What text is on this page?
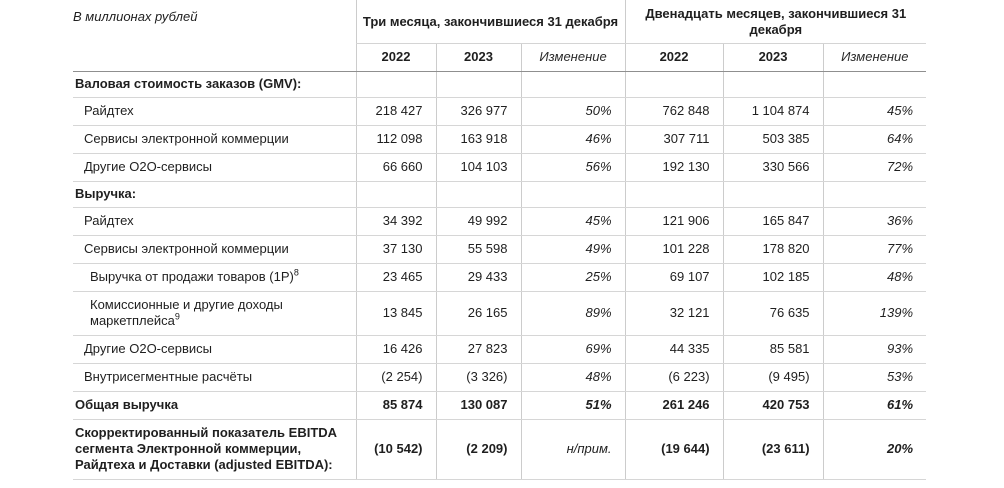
В миллионах рублей	Три месяца, закончившиеся 31 декабря			Двенадцать месяцев, закончившиеся 31 декабря		
	2022	2023	Изменение	2022	2023	Изменение
Валовая стоимость заказов (GMV):						
Райдтех	218 427	326 977	50%	762 848	1 104 874	45%
Сервисы электронной коммерции	112 098	163 918	46%	307 711	503 385	64%
Другие O2O-сервисы	66 660	104 103	56%	192 130	330 566	72%
Выручка:						
Райдтех	34 392	49 992	45%	121 906	165 847	36%
Сервисы электронной коммерции	37 130	55 598	49%	101 228	178 820	77%
Выручка от продажи товаров $(1P)^8$	23 465	29 433	25%	69 107	102 185	48%
Комиссионные и другие доходы маркетплейса$^9$	13 845	26 165	89%	32 121	76 635	139%
Другие O2O-сервисы	16 426	27 823	69%	44 335	85 581	93%
Внутрисегментные расчёты	(2 254)	(3 326)	48%	(6 223)	(9 495)	53%
Общая выручка	85 874	130 087	51%	261 246	420 753	61%
Скорректированный показатель EBITDA сегмента Электронной коммерции, Райдтеха и Доставки (adjusted EBITDA):	(10 542)	(2 209)	н/прим.	(19 644)	(23 611)	20%
